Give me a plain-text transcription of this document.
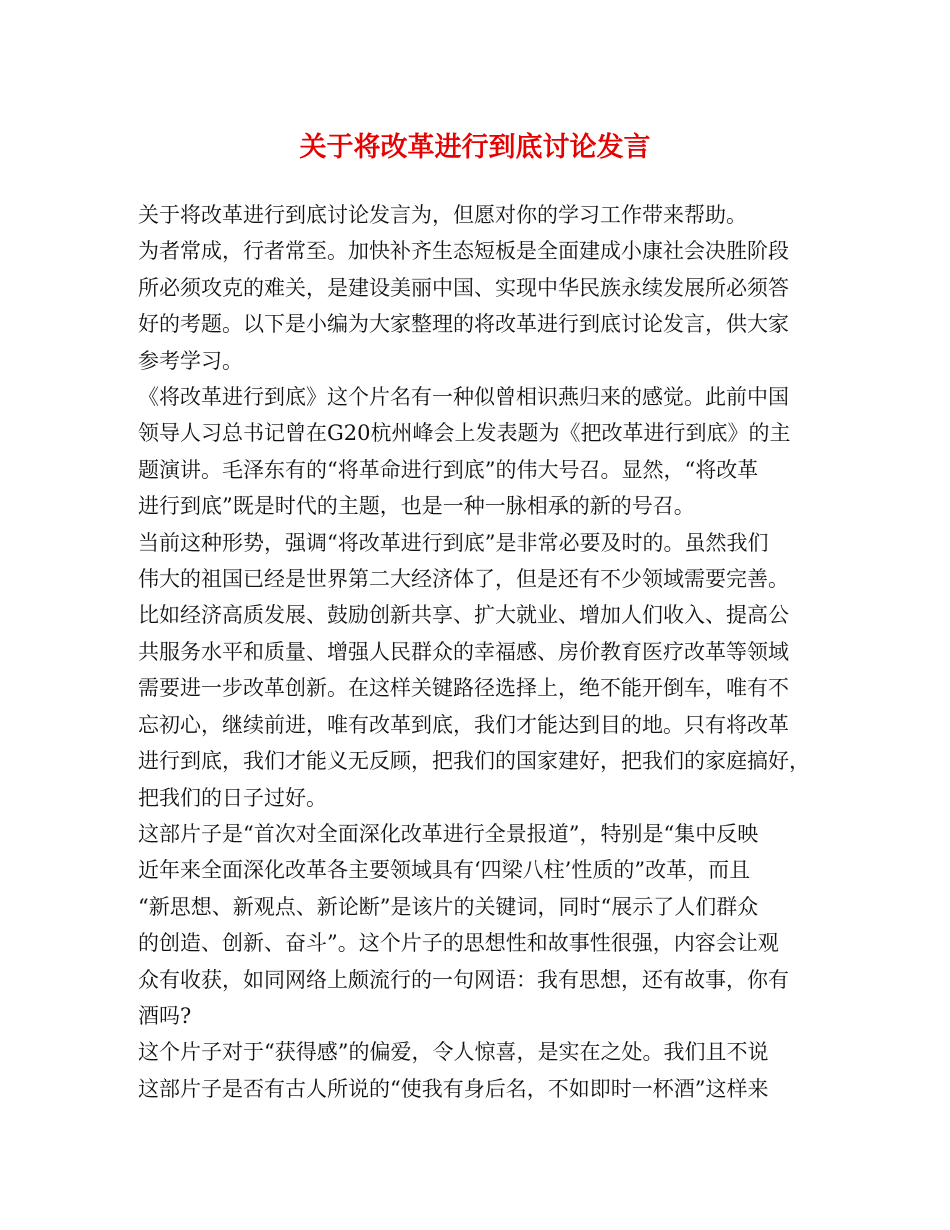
关于将改革进行到底讨论发言

关于将改革进行到底讨论发言为，但愿对你的学习工作带来帮助。

为者常成，行者常至。加快补齐生态短板是全面建成小康社会决胜阶段
所必须攻克的难关，是建设美丽中国、实现中华民族永续发展所必须答
好的考题。以下是小编为大家整理的将改革进行到底讨论发言，供大家
参考学习。

《将改革进行到底》这个片名有一种似曾相识燕归来的感觉。此前中国
领导人习总书记曾在G20杭州峰会上发表题为《把改革进行到底》的主
题演讲。毛泽东有的“将革命进行到底”的伟大号召。显然，“将改革
进行到底”既是时代的主题，也是一种一脉相承的新的号召。

当前这种形势，强调“将改革进行到底”是非常必要及时的。虽然我们
伟大的祖国已经是世界第二大经济体了，但是还有不少领域需要完善。
比如经济高质发展、鼓励创新共享、扩大就业、增加人们收入、提高公
共服务水平和质量、增强人民群众的幸福感、房价教育医疗改革等领域
需要进一步改革创新。在这样关键路径选择上，绝不能开倒车，唯有不
忘初心，继续前进，唯有改革到底，我们才能达到目的地。只有将改革
进行到底，我们才能义无反顾，把我们的国家建好，把我们的家庭搞好，
把我们的日子过好。

这部片子是“首次对全面深化改革进行全景报道”，特别是“集中反映
近年来全面深化改革各主要领域具有‘四梁八柱’性质的”改革，而且
“新思想、新观点、新论断”是该片的关键词，同时“展示了人们群众
的创造、创新、奋斗”。这个片子的思想性和故事性很强，内容会让观
众有收获，如同网络上颇流行的一句网语：我有思想，还有故事，你有
酒吗?

这个片子对于“获得感”的偏爱，令人惊喜，是实在之处。我们且不说
这部片子是否有古人所说的“使我有身后名，不如即时一杯酒”这样来
